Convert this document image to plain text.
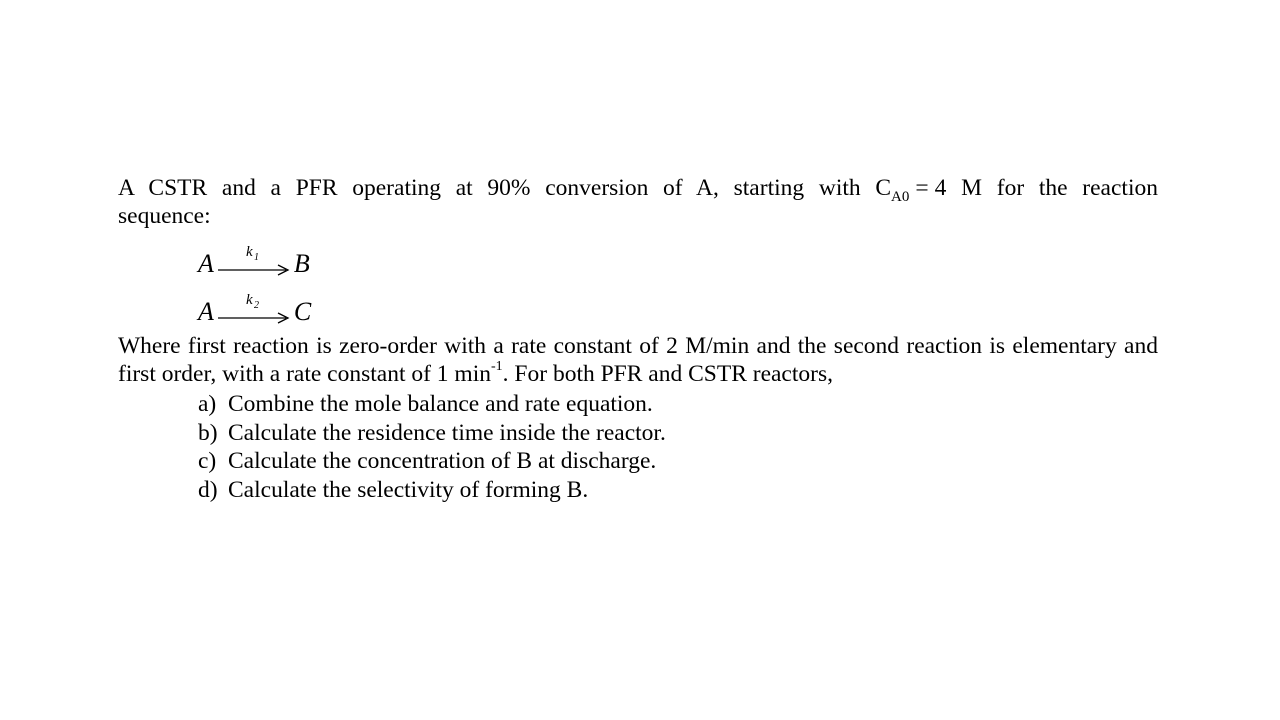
A CSTR and a PFR operating at 90% conversion of A, starting with $C_{A0} = 4$ M for the reaction sequence:

A k 1 B
A k 2 C

Where first reaction is zero-order with a rate constant of 2 M/min and the second reaction is elementary and first order, with a rate constant of 1 $\min^{-1}$. For both PFR and CSTR reactors,

a) Combine the mole balance and rate equation.
b) Calculate the residence time inside the reactor.
c) Calculate the concentration of B at discharge.
d) Calculate the selectivity of forming B.
